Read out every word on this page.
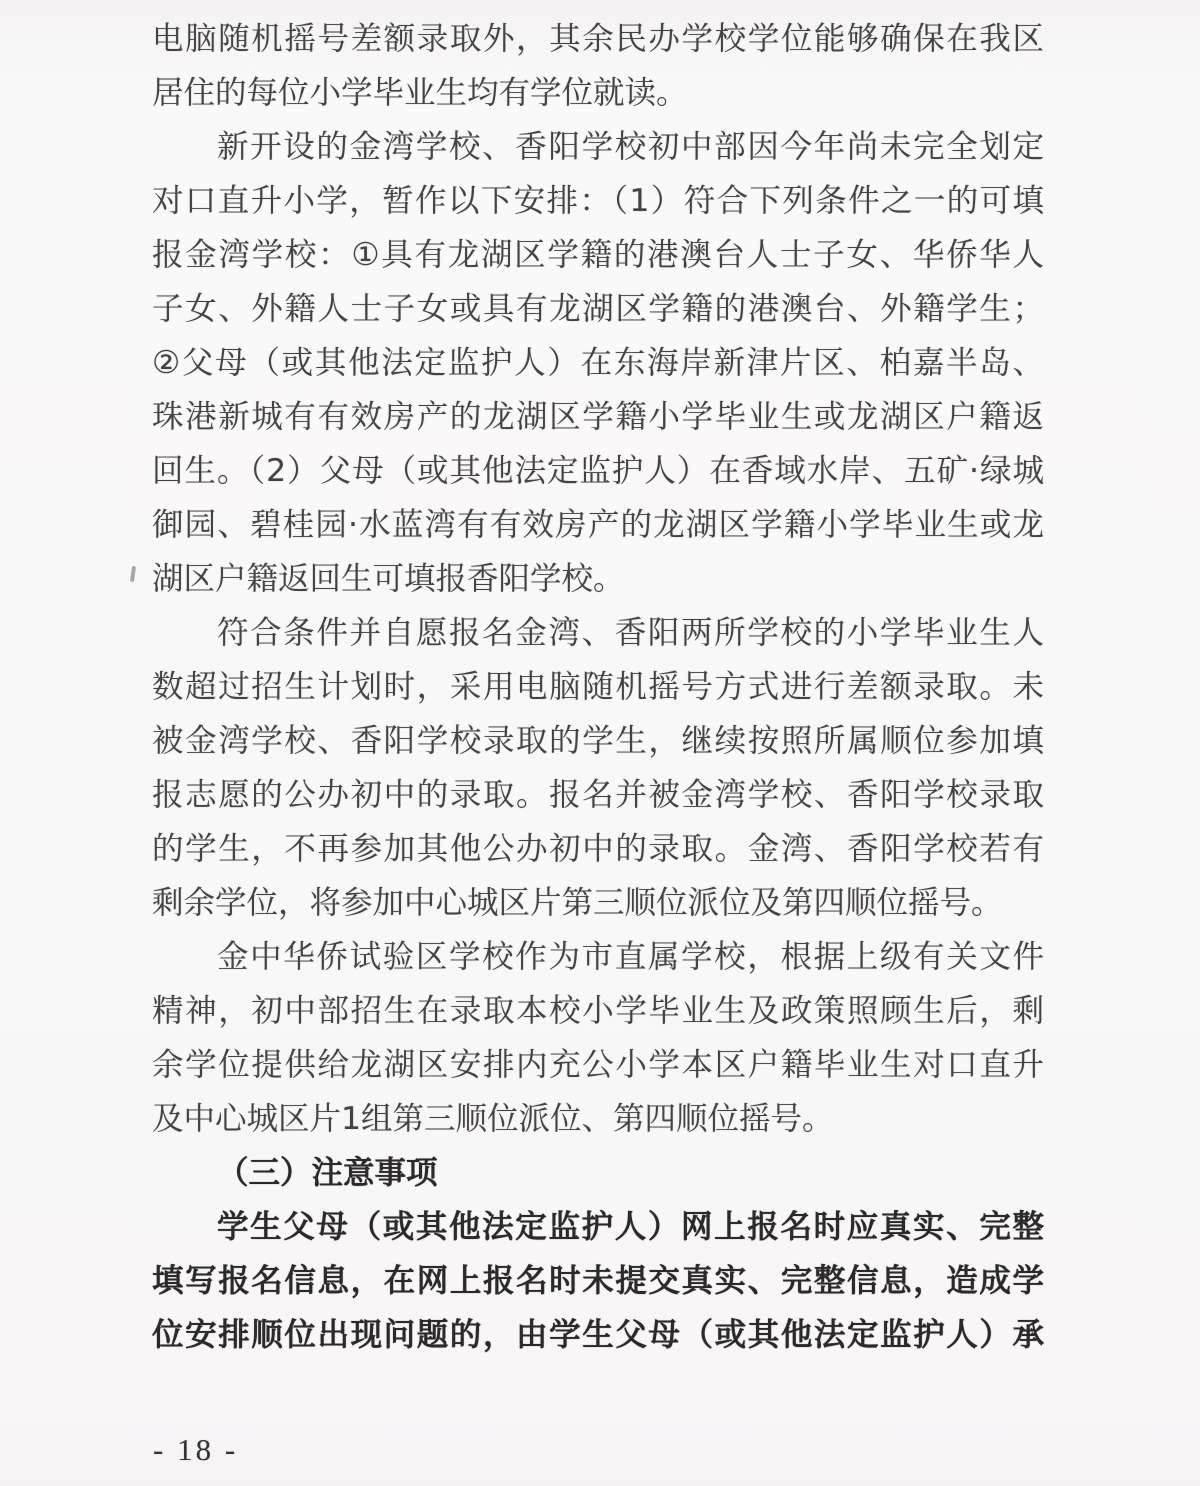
电脑随机摇号差额录取外，其余民办学校学位能够确保在我区
居住的每位小学毕业生均有学位就读。
新开设的金湾学校、香阳学校初中部因今年尚未完全划定
对口直升小学，暂作以下安排：（1）符合下列条件之一的可填
报金湾学校：①具有龙湖区学籍的港澳台人士子女、华侨华人
子女、外籍人士子女或具有龙湖区学籍的港澳台、外籍学生；
②父母（或其他法定监护人）在东海岸新津片区、柏嘉半岛、
珠港新城有有效房产的龙湖区学籍小学毕业生或龙湖区户籍返
回生。（2）父母（或其他法定监护人）在香域水岸、五矿·绿城
御园、碧桂园·水蓝湾有有效房产的龙湖区学籍小学毕业生或龙
湖区户籍返回生可填报香阳学校。
符合条件并自愿报名金湾、香阳两所学校的小学毕业生人
数超过招生计划时，采用电脑随机摇号方式进行差额录取。未
被金湾学校、香阳学校录取的学生，继续按照所属顺位参加填
报志愿的公办初中的录取。报名并被金湾学校、香阳学校录取
的学生，不再参加其他公办初中的录取。金湾、香阳学校若有
剩余学位，将参加中心城区片第三顺位派位及第四顺位摇号。
金中华侨试验区学校作为市直属学校，根据上级有关文件
精神，初中部招生在录取本校小学毕业生及政策照顾生后，剩
余学位提供给龙湖区安排内充公小学本区户籍毕业生对口直升
及中心城区片1组第三顺位派位、第四顺位摇号。
（三）注意事项
学生父母（或其他法定监护人）网上报名时应真实、完整
填写报名信息，在网上报名时未提交真实、完整信息，造成学
位安排顺位出现问题的，由学生父母（或其他法定监护人）承
- 18 -
